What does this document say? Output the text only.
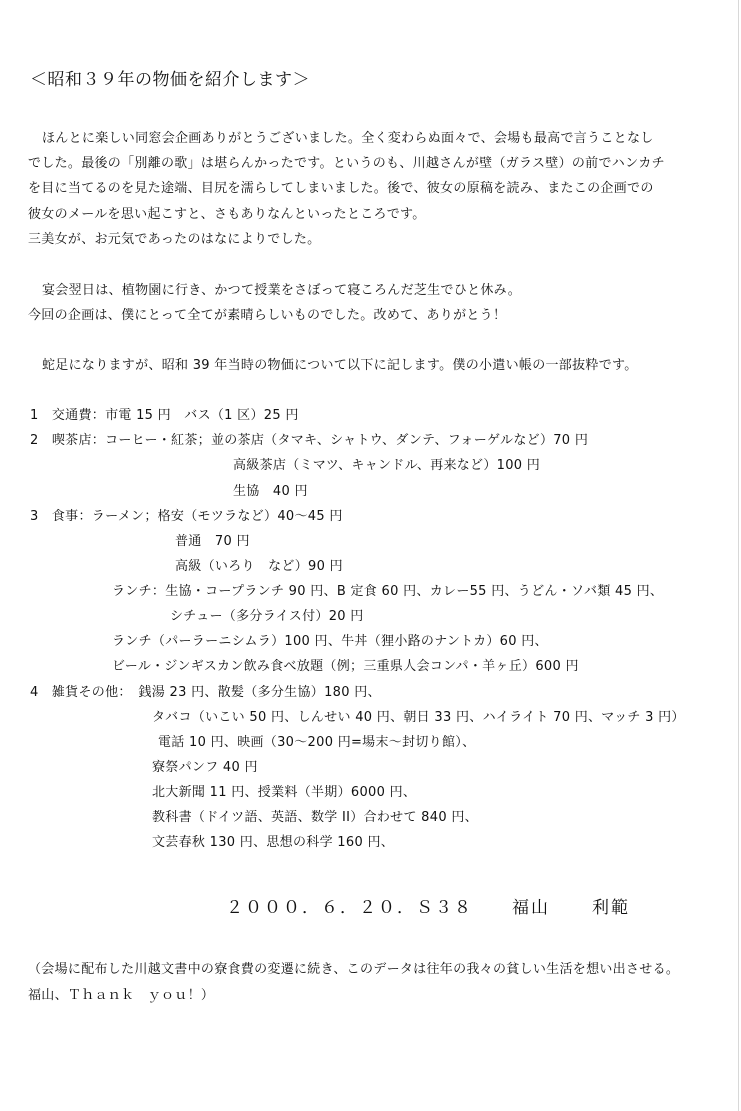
＜昭和３９年の物価を紹介します＞
ほんとに楽しい同窓会企画ありがとうございました。全く変わらぬ面々で、会場も最高で言うことなし
でした。最後の「別離の歌」は堪らんかったです。というのも、川越さんが壁（ガラス壁）の前でハンカチ
を目に当てるのを見た途端、目尻を濡らしてしまいました。後で、彼女の原稿を読み、またこの企画での
彼女のメールを思い起こすと、さもありなんといったところです。
三美女が、お元気であったのはなによりでした。
宴会翌日は、植物園に行き、かつて授業をさぼって寝ころんだ芝生でひと休み。
今回の企画は、僕にとって全てが素晴らしいものでした。改めて、ありがとう！
蛇足になりますが、昭和 39 年当時の物価について以下に記します。僕の小遣い帳の一部抜粋です。
1　交通費：市電 15 円　バス（1 区）25 円
2　喫茶店：コーヒー・紅茶；並の茶店（タマキ、シャトウ、ダンテ、フォーゲルなど）70 円
高級茶店（ミマツ、キャンドル、再来など）100 円
生協　40 円
3　食事：ラーメン；格安（モツラなど）40～45 円
普通　70 円
高級（いろり　など）90 円
ランチ：生協・コープランチ 90 円、B 定食 60 円、カレー55 円、うどん・ソバ類 45 円、
シチュー（多分ライス付）20 円
ランチ（パーラーニシムラ）100 円、牛丼（狸小路のナントカ）60 円、
ビール・ジンギスカン飲み食べ放題（例；三重県人会コンパ・羊ヶ丘）600 円
4　雑貨その他：　銭湯 23 円、散髪（多分生協）180 円、
タバコ（いこい 50 円、しんせい 40 円、朝日 33 円、ハイライト 70 円、マッチ 3 円）
電話 10 円、映画（30～200 円=場末～封切り館）、
寮祭パンフ 40 円
北大新聞 11 円、授業料（半期）6000 円、
教科書（ドイツ語、英語、数学 II）合わせて 840 円、
文芸春秋 130 円、思想の科学 160 円、
２０００．６．２０． Ｓ３８ 福山 利範
（会場に配布した川越文書中の寮食費の変遷に続き、このデータは往年の我々の貧しい生活を想い出させる。
福山、Ｔｈａｎｋ　ｙｏｕ！）
